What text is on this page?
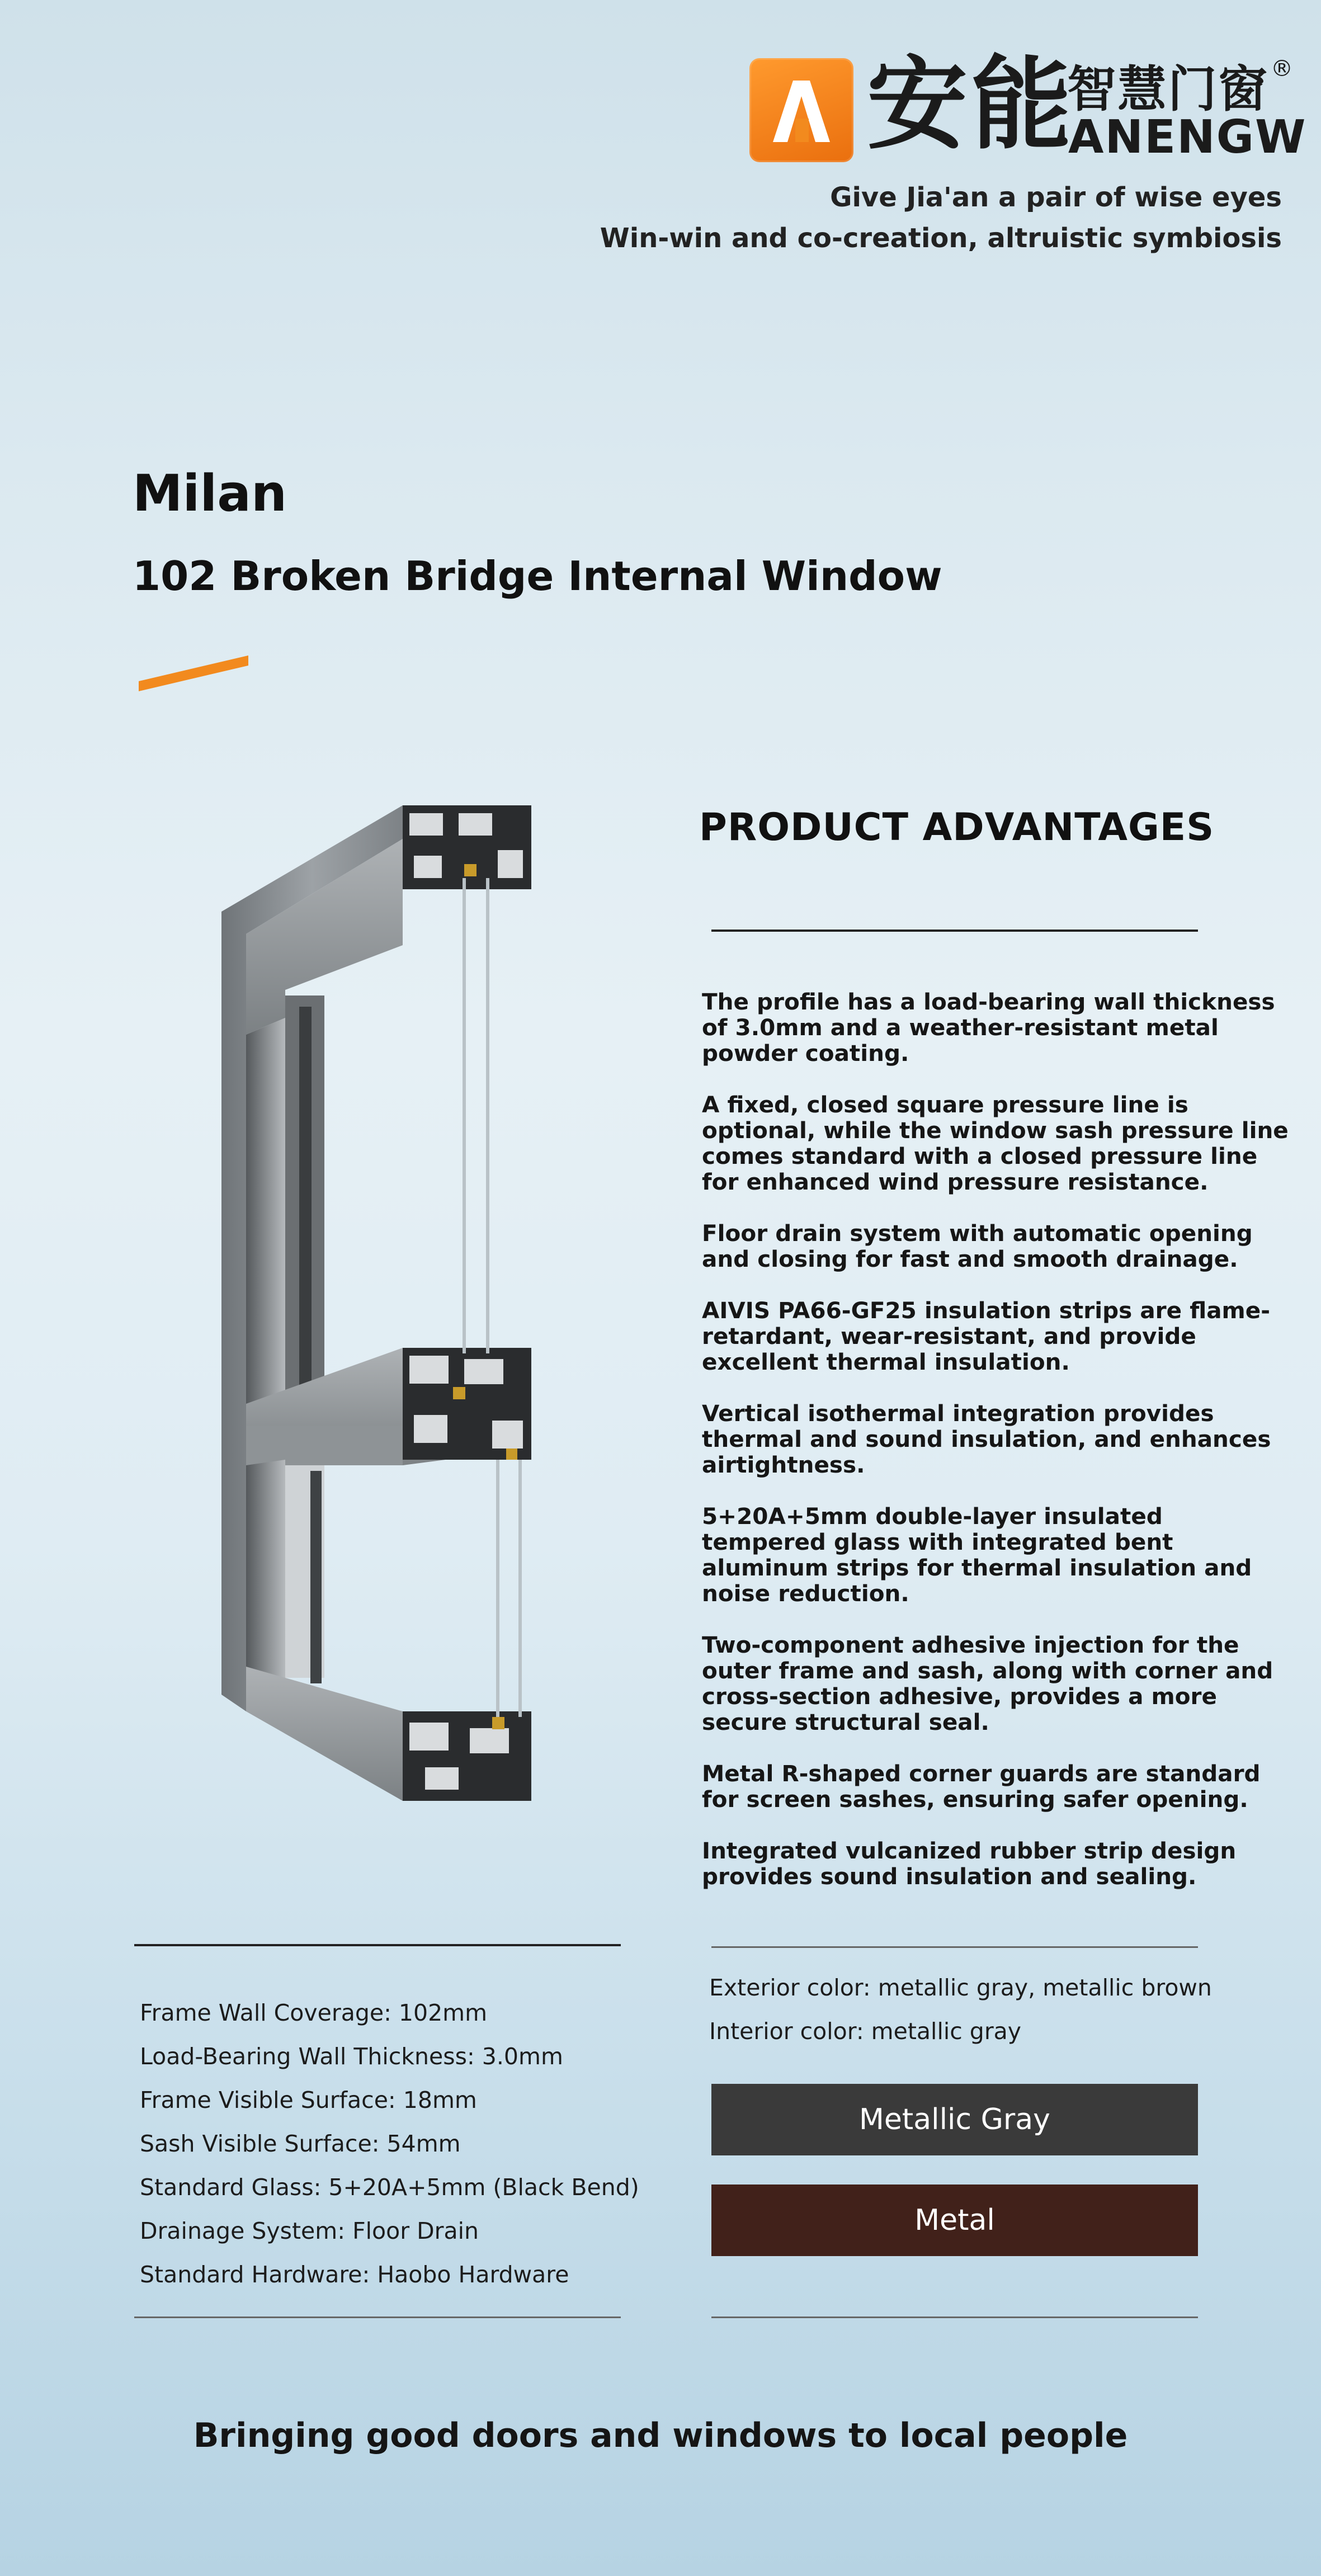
安能
智慧门窗
ANENGW
®
Give Jia'an a pair of wise eyes
Win-win and co-creation, altruistic symbiosis
Milan
102 Broken Bridge Internal Window
PRODUCT ADVANTAGES
The profile has a load-bearing wall thickness of 3.0mm and a weather-resistant metal powder coating.
A fixed, closed square pressure line is optional, while the window sash pressure line comes standard with a closed pressure line for enhanced wind pressure resistance.
Floor drain system with automatic opening and closing for fast and smooth drainage.
AIVIS PA66-GF25 insulation strips are flame-retardant, wear-resistant, and provide excellent thermal insulation.
Vertical isothermal integration provides thermal and sound insulation, and enhances airtightness.
5+20A+5mm double-layer insulated tempered glass with integrated bent aluminum strips for thermal insulation and noise reduction.
Two-component adhesive injection for the outer frame and sash, along with corner and cross-section adhesive, provides a more secure structural seal.
Metal R-shaped corner guards are standard for screen sashes, ensuring safer opening.
Integrated vulcanized rubber strip design provides sound insulation and sealing.
Frame Wall Coverage: 102mm
Load-Bearing Wall Thickness: 3.0mm
Frame Visible Surface: 18mm
Sash Visible Surface: 54mm
Standard Glass: 5+20A+5mm (Black Bend)
Drainage System: Floor Drain
Standard Hardware: Haobo Hardware
Exterior color: metallic gray, metallic brown
Interior color: metallic gray
Metallic Gray
Metal
Bringing good doors and windows to local people
